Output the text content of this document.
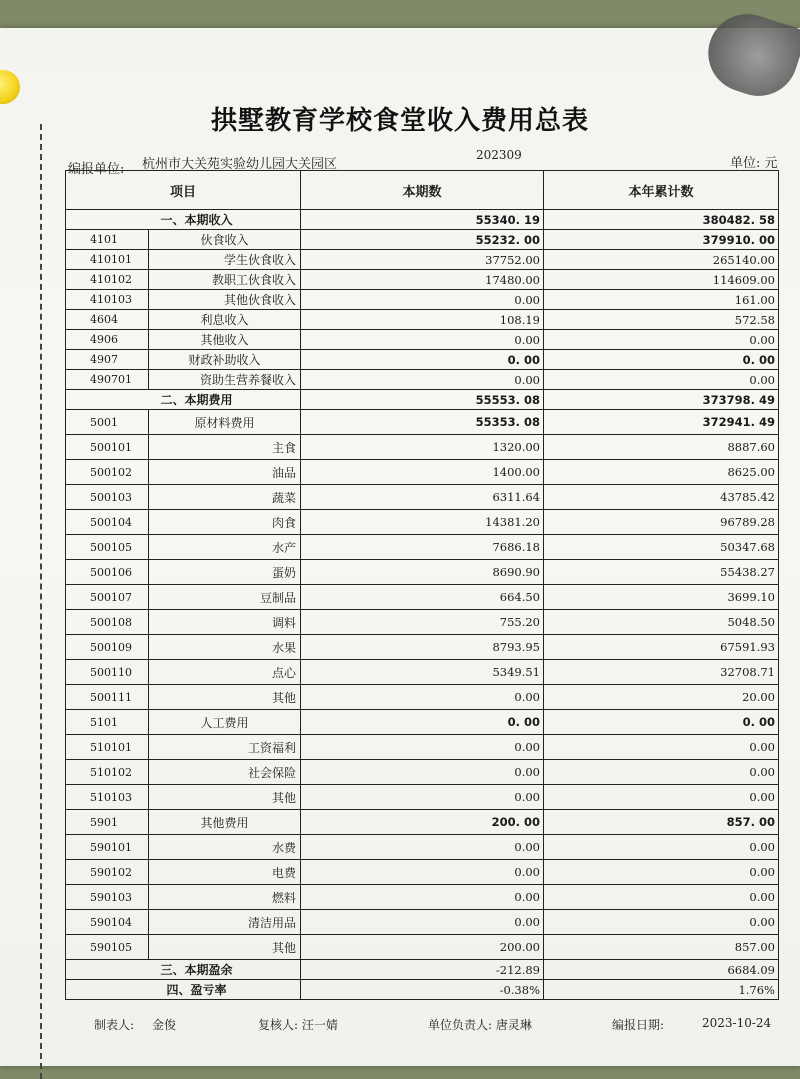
拱墅教育学校食堂收入费用总表
编报单位: 杭州市大关苑实验幼儿园大关园区
202309
单位: 元
项目		本期数	本年累计数
一、本期收入		55340. 19	380482. 58
4101	伙食收入	55232. 00	379910. 00
410101	学生伙食收入	37752.00	265140.00
410102	教职工伙食收入	17480.00	114609.00
410103	其他伙食收入	0.00	161.00
4604	利息收入	108.19	572.58
4906	其他收入	0.00	0.00
4907	财政补助收入	0. 00	0. 00
490701	资助生营养餐收入	0.00	0.00
二、本期费用		55553. 08	373798. 49
5001	原材料费用	55353. 08	372941. 49
500101	主食	1320.00	8887.60
500102	油品	1400.00	8625.00
500103	蔬菜	6311.64	43785.42
500104	肉食	14381.20	96789.28
500105	水产	7686.18	50347.68
500106	蛋奶	8690.90	55438.27
500107	豆制品	664.50	3699.10
500108	调料	755.20	5048.50
500109	水果	8793.95	67591.93
500110	点心	5349.51	32708.71
500111	其他	0.00	20.00
5101	人工费用	0. 00	0. 00
510101	工资福利	0.00	0.00
510102	社会保险	0.00	0.00
510103	其他	0.00	0.00
5901	其他费用	200. 00	857. 00
590101	水费	0.00	0.00
590102	电费	0.00	0.00
590103	燃料	0.00	0.00
590104	清洁用品	0.00	0.00
590105	其他	200.00	857.00
三、本期盈余		-212.89	6684.09
四、盈亏率		-0.38%	1.76%
制表人: 金俊	复核人: 汪一婧	单位负责人: 唐灵琳	编报日期:	2023-10-24
